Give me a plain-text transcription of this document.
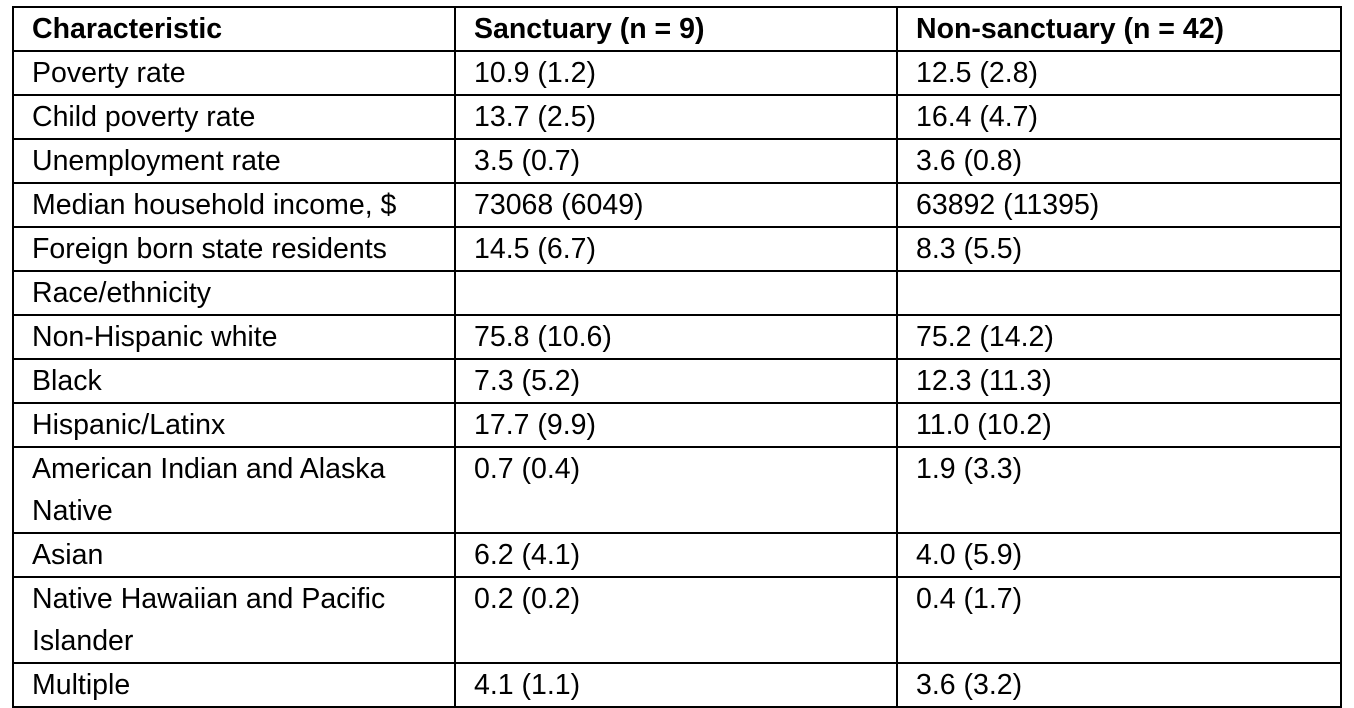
Characteristic	Sanctuary (n = 9)	Non-sanctuary (n = 42)
Poverty rate	10.9 (1.2)	12.5 (2.8)
Child poverty rate	13.7 (2.5)	16.4 (4.7)
Unemployment rate	3.5 (0.7)	3.6 (0.8)
Median household income, $	73068 (6049)	63892 (11395)
Foreign born state residents	14.5 (6.7)	8.3 (5.5)
Race/ethnicity		
Non-Hispanic white	75.8 (10.6)	75.2 (14.2)
Black	7.3 (5.2)	12.3 (11.3)
Hispanic/Latinx	17.7 (9.9)	11.0 (10.2)
American Indian and Alaska Native	0.7 (0.4)	1.9 (3.3)
Asian	6.2 (4.1)	4.0 (5.9)
Native Hawaiian and Pacific Islander	0.2 (0.2)	0.4 (1.7)
Multiple	4.1 (1.1)	3.6 (3.2)
